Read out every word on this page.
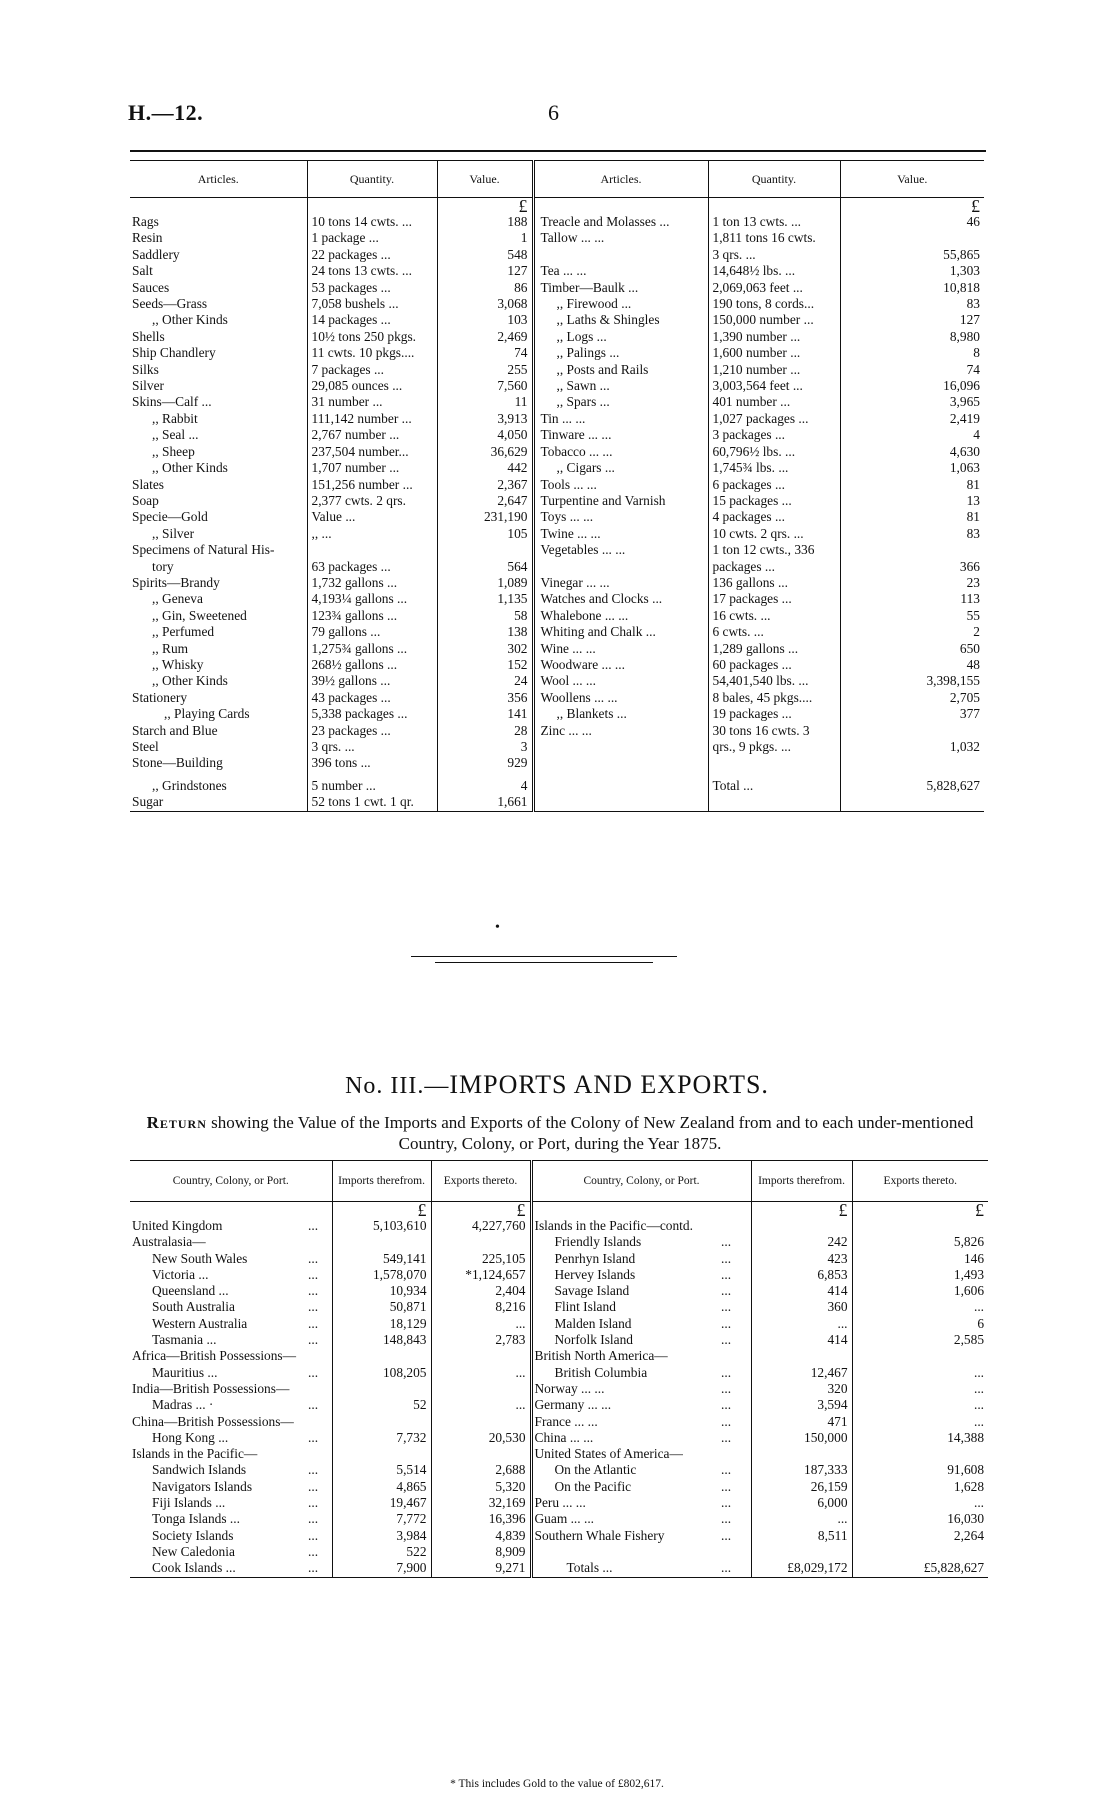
H.—12.	6
Articles.	Quantity.	Value.	Articles.	Quantity.	Value.
		£			£
Rags	10 tons 14 cwts. ...	188	Treacle and Molasses ...	1 ton 13 cwts. ...	46
Resin	1 package ...	1	Tallow ... ...	1,811 tons 16 cwts.	
Saddlery	22 packages ...	548		3 qrs. ...	55,865
Salt	24 tons 13 cwts. ...	127	Tea ... ...	14,648½ lbs. ...	1,303
Sauces	53 packages ...	86	Timber—Baulk ...	2,069,063 feet ...	10,818
Seeds—Grass	7,058 bushels ...	3,068	,, Firewood ...	190 tons, 8 cords...	83
,, Other Kinds	14 packages ...	103	,, Laths & Shingles	150,000 number ...	127
Shells	10½ tons 250 pkgs.	2,469	,, Logs ...	1,390 number ...	8,980
Ship Chandlery	11 cwts. 10 pkgs....	74	,, Palings ...	1,600 number ...	8
Silks	7 packages ...	255	,, Posts and Rails	1,210 number ...	74
Silver	29,085 ounces ...	7,560	,, Sawn ...	3,003,564 feet ...	16,096
Skins—Calf ...	31 number ...	11	,, Spars ...	401 number ...	3,965
,, Rabbit	111,142 number ...	3,913	Tin ... ...	1,027 packages ...	2,419
,, Seal ...	2,767 number ...	4,050	Tinware ... ...	3 packages ...	4
,, Sheep	237,504 number...	36,629	Tobacco ... ...	60,796½ lbs. ...	4,630
,, Other Kinds	1,707 number ...	442	,, Cigars ...	1,745¾ lbs. ...	1,063
Slates	151,256 number ...	2,367	Tools ... ...	6 packages ...	81
Soap	2,377 cwts. 2 qrs.	2,647	Turpentine and Varnish	15 packages ...	13
Specie—Gold	Value ...	231,190	Toys ... ...	4 packages ...	81
,, Silver	,, ...	105	Twine ... ...	10 cwts. 2 qrs. ...	83
Specimens of Natural His-			Vegetables ... ...	1 ton 12 cwts., 336	
tory	63 packages ...	564		packages ...	366
Spirits—Brandy	1,732 gallons ...	1,089	Vinegar ... ...	136 gallons ...	23
,, Geneva	4,193¼ gallons ...	1,135	Watches and Clocks ...	17 packages ...	113
,, Gin, Sweetened	123¾ gallons ...	58	Whalebone ... ...	16 cwts. ...	55
,, Perfumed	79 gallons ...	138	Whiting and Chalk ...	6 cwts. ...	2
,, Rum	1,275¾ gallons ...	302	Wine ... ...	1,289 gallons ...	650
,, Whisky	268½ gallons ...	152	Woodware ... ...	60 packages ...	48
,, Other Kinds	39½ gallons ...	24	Wool ... ...	54,401,540 lbs. ...	3,398,155
Stationery	43 packages ...	356	Woollens ... ...	8 bales, 45 pkgs....	2,705
,, Playing Cards	5,338 packages ...	141	,, Blankets ...	19 packages ...	377
Starch and Blue	23 packages ...	28	Zinc ... ...	30 tons 16 cwts. 3	
Steel	3 qrs. ...	3		qrs., 9 pkgs. ...	1,032
Stone—Building	396 tons ...	929			
,, Grindstones	5 number ...	4		Total ...	5,828,627
Sugar	52 tons 1 cwt. 1 qr.	1,661			
•
No. III.—IMPORTS AND EXPORTS.
Return showing the Value of the Imports and Exports of the Colony of New Zealand from and to each under-mentioned Country, Colony, or Port, during the Year 1875.
Country, Colony, or Port.		Imports therefrom.	Exports thereto.	Country, Colony, or Port.		Imports therefrom.	Exports thereto.
		£	£			£	£
United Kingdom	...	5,103,610	4,227,760	Islands in the Pacific—contd.			
Australasia—				Friendly Islands	...	242	5,826
New South Wales	...	549,141	225,105	Penrhyn Island	...	423	146
Victoria ...	...	1,578,070	*1,124,657	Hervey Islands	...	6,853	1,493
Queensland ...	...	10,934	2,404	Savage Island	...	414	1,606
South Australia	...	50,871	8,216	Flint Island	...	360	...
Western Australia	...	18,129	...	Malden Island	...	...	6
Tasmania ...	...	148,843	2,783	Norfolk Island	...	414	2,585
Africa—British Possessions—				British North America—			
Mauritius ...	...	108,205	...	British Columbia	...	12,467	...
India—British Possessions—				Norway ... ...	...	320	...
Madras ... ·	...	52	...	Germany ... ...	...	3,594	...
China—British Possessions—				France ... ...	...	471	...
Hong Kong ...	...	7,732	20,530	China ... ...	...	150,000	14,388
Islands in the Pacific—				United States of America—			
Sandwich Islands	...	5,514	2,688	On the Atlantic	...	187,333	91,608
Navigators Islands	...	4,865	5,320	On the Pacific	...	26,159	1,628
Fiji Islands ...	...	19,467	32,169	Peru ... ...	...	6,000	...
Tonga Islands ...	...	7,772	16,396	Guam ... ...	...	...	16,030
Society Islands	...	3,984	4,839	Southern Whale Fishery	...	8,511	2,264
New Caledonia	...	522	8,909				
Cook Islands ...	...	7,900	9,271	Totals ...	...	£8,029,172	£5,828,627
* This includes Gold to the value of £802,617.
